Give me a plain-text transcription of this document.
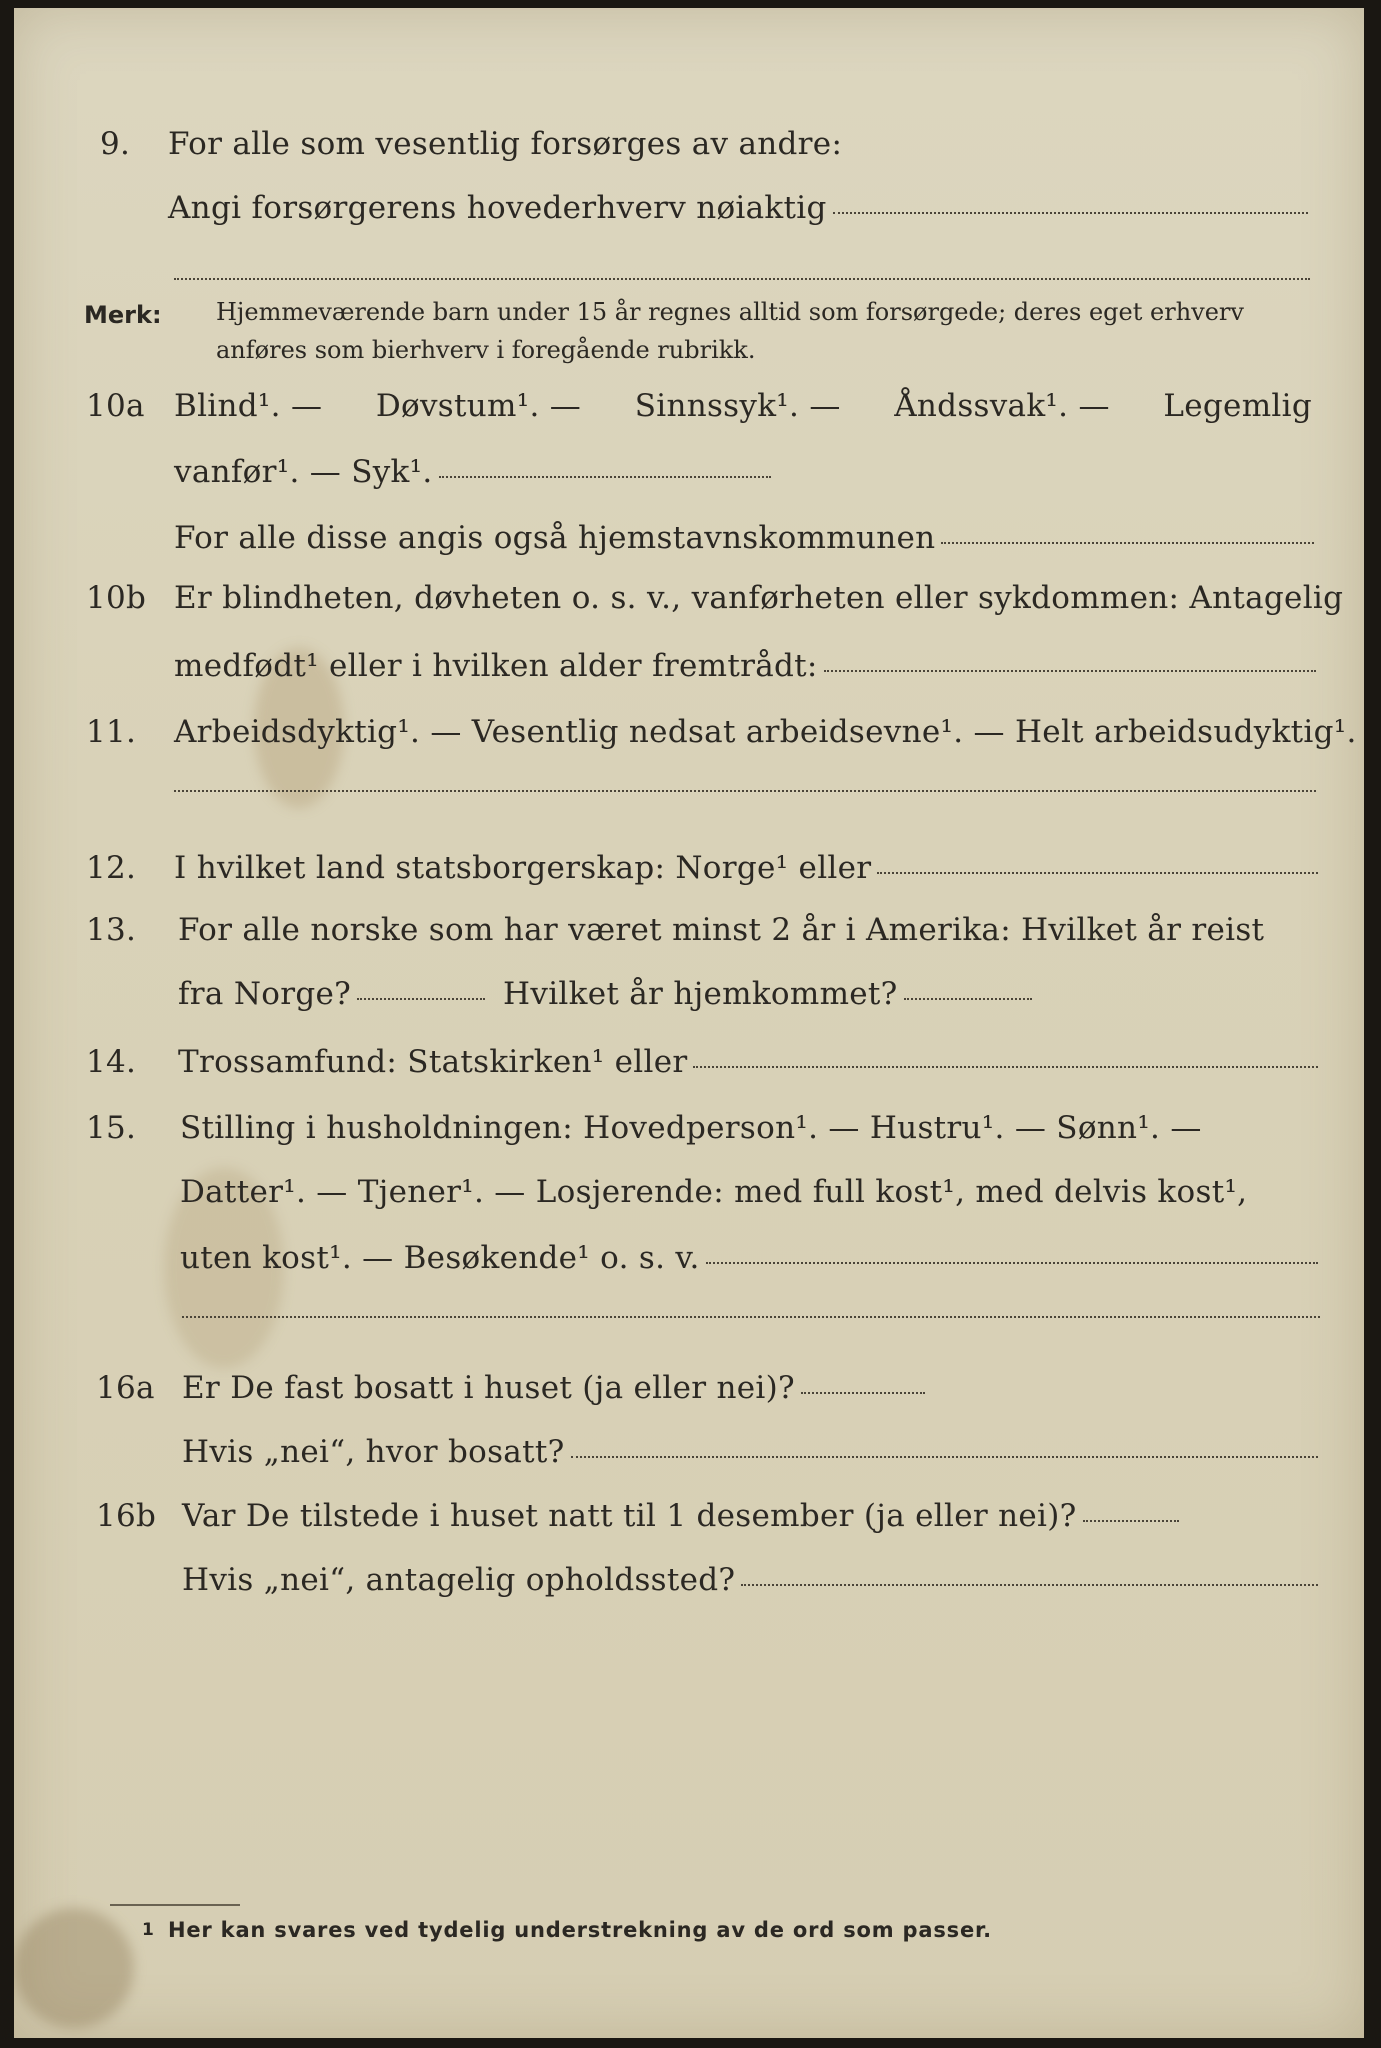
9.	For alle som vesentlig forsørges av andre:
Angi forsørgerens hovederhverv nøiaktig
Merk: Hjemmeværende barn under 15 år regnes alltid som forsørgede; deres eget erhverv
anføres som bierhverv i foregående rubrikk.
10a Blind¹. — Døvstum¹. — Sinnssyk¹. — Åndssvak¹. — Legemlig
vanfør¹. — Syk¹.
For alle disse angis også hjemstavnskommunen
10b Er blindheten, døvheten o. s. v., vanførheten eller sykdommen: Antagelig
medfødt¹ eller i hvilken alder fremtrådt:
11.	Arbeidsdyktig¹. — Vesentlig nedsat arbeidsevne¹. — Helt arbeidsudyktig¹.
12.	I hvilket land statsborgerskap: Norge¹ eller
13.	For alle norske som har været minst 2 år i Amerika: Hvilket år reist
fra Norge?	Hvilket år hjemkommet?
14.	Trossamfund: Statskirken¹ eller
15.	Stilling i husholdningen: Hovedperson¹. — Hustru¹. — Sønn¹. —
Datter¹. — Tjener¹. — Losjerende: med full kost¹, med delvis kost¹,
uten kost¹. — Besøkende¹ o. s. v.
16a Er De fast bosatt i huset (ja eller nei)?
Hvis „nei“, hvor bosatt?
16b Var De tilstede i huset natt til 1 desember (ja eller nei)?
Hvis „nei“, antagelig opholdssted?
1 Her kan svares ved tydelig understrekning av de ord som passer.
